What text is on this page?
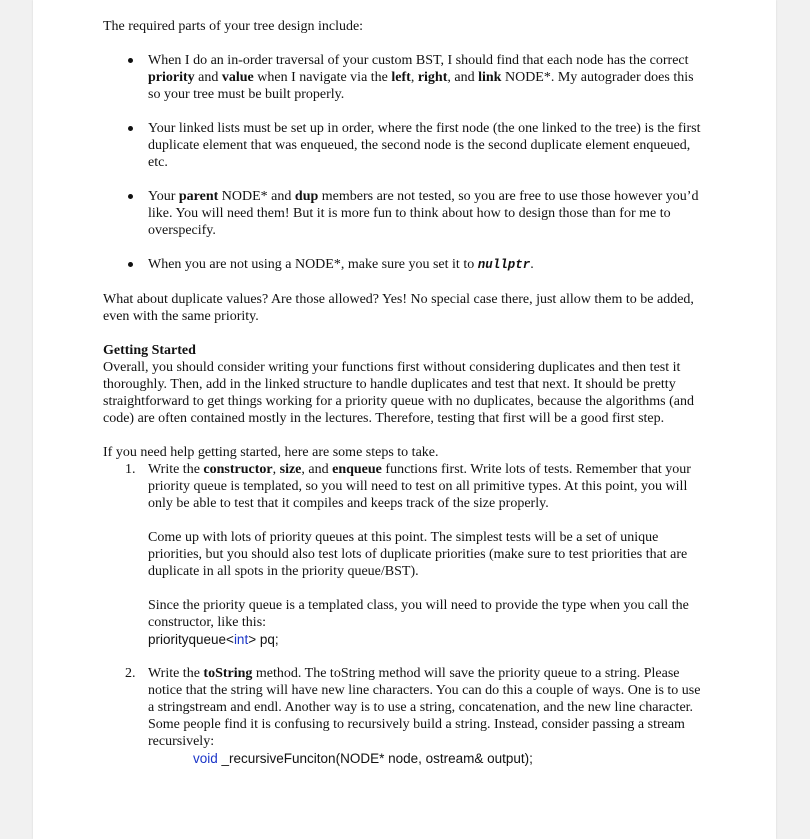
The required parts of your tree design include:

When I do an in-order traversal of your custom BST, I should find that each node has the correct priority and value when I navigate via the left, right, and link NODE*. My autograder does this so your tree must be built properly.
Your linked lists must be set up in order, where the first node (the one linked to the tree) is the first duplicate element that was enqueued, the second node is the second duplicate element enqueued, etc.
Your parent NODE* and dup members are not tested, so you are free to use those however you’d like. You will need them! But it is more fun to think about how to design those than for me to overspecify.
When you are not using a NODE*, make sure you set it to nullptr.

What about duplicate values? Are those allowed? Yes! No special case there, just allow them to be added, even with the same priority.

Getting Started

Overall, you should consider writing your functions first without considering duplicates and then test it thoroughly. Then, add in the linked structure to handle duplicates and test that next. It should be pretty straightforward to get things working for a priority queue with no duplicates, because the algorithms (and code) are often contained mostly in the lectures. Therefore, testing that first will be a good first step.

If you need help getting started, here are some steps to take.

1. Write the constructor, size, and enqueue functions first. Write lots of tests. Remember that your priority queue is templated, so you will need to test on all primitive types. At this point, you will only be able to test that it compiles and keeps track of the size properly.

Come up with lots of priority queues at this point. The simplest tests will be a set of unique priorities, but you should also test lots of duplicate priorities (make sure to test priorities that are duplicate in all spots in the priority queue/BST).

Since the priority queue is a templated class, you will need to provide the type when you call the constructor, like this:

priorityqueue<int> pq;

2. Write the toString method. The toString method will save the priority queue to a string. Please notice that the string will have new line characters. You can do this a couple of ways. One is to use a stringstream and endl. Another way is to use a string, concatenation, and the new line character. Some people find it is confusing to recursively build a string. Instead, consider passing a stream recursively:

void _recursiveFunciton(NODE* node, ostream& output);
